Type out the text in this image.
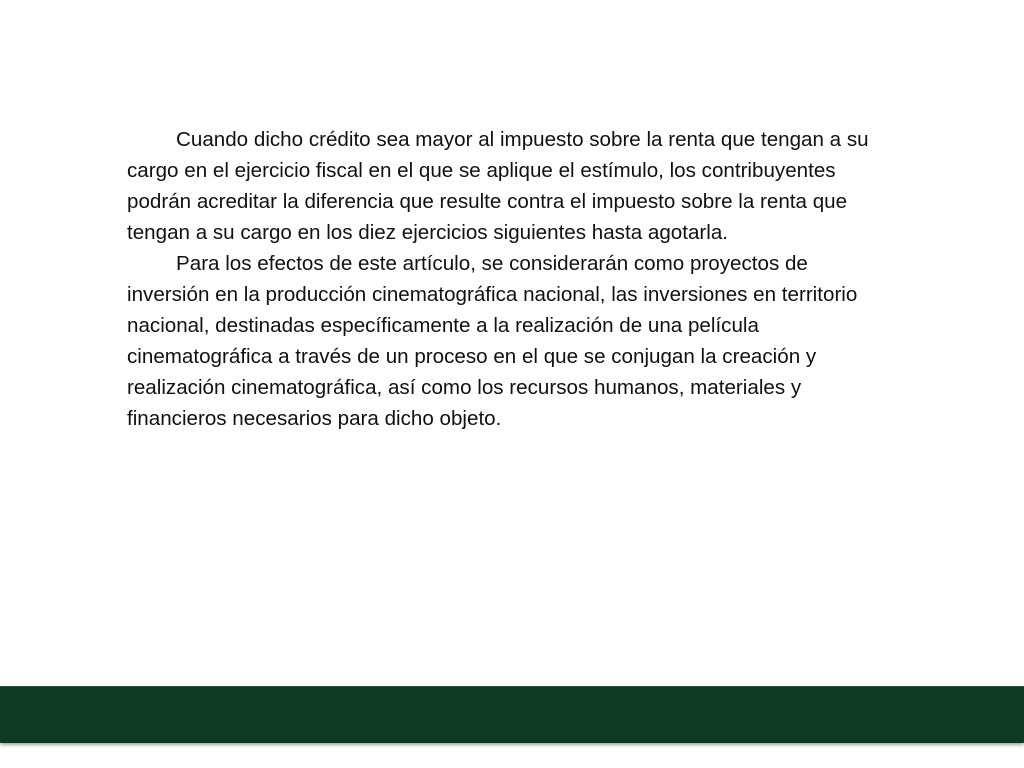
Cuando dicho crédito sea mayor al impuesto sobre la renta que tengan a su cargo en el ejercicio fiscal en el que se aplique el estímulo, los contribuyentes podrán acreditar la diferencia que resulte contra el impuesto sobre la renta que tengan a su cargo en los diez ejercicios siguientes hasta agotarla.

Para los efectos de este artículo, se considerarán como proyectos de inversión en la producción cinematográfica nacional, las inversiones en territorio nacional, destinadas específicamente a la realización de una película cinematográfica a través de un proceso en el que se conjugan la creación y realización cinematográfica, así como los recursos humanos, materiales y financieros necesarios para dicho objeto.
